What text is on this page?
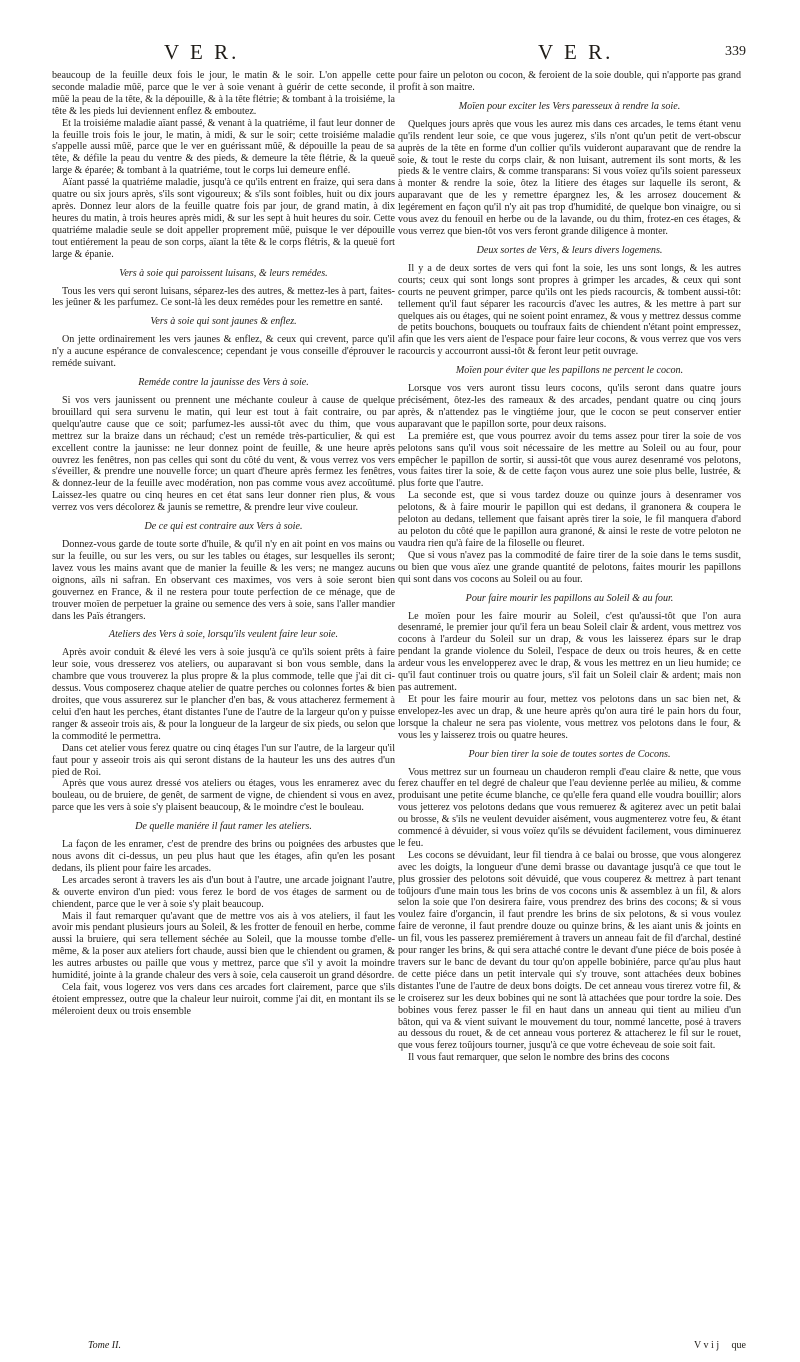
V E R.	V E R.	339

beaucoup de la feuille deux fois le jour, le matin & le soir. L'on appelle cette seconde maladie mûë, parce que le ver à soie venant à guérir de cette seconde, il mûë la peau de la tête, & la dépouille, & à la tête flétrie; & tombant à la troisiéme, la tête & les pieds lui deviennent enflez & emboutez.

Et la troisiéme maladie aïant passé, & venant à la quatriéme, il faut leur donner de la feuille trois fois le jour, le matin, à midi, & sur le soir; cette troisiéme maladie s'appelle aussi mûë, parce que le ver en guérissant mûë, & dépouille la peau de sa tête, & défile la peau du ventre & des pieds, & demeure la tête flétrie, & la queuë large & éparée; & tombant à la quatriéme, tout le corps lui demeure enflé.

Aïant passé la quatriéme maladie, jusqu'à ce qu'ils entrent en fraize, qui sera dans quatre ou six jours après, s'ils sont vigoureux; & s'ils sont foibles, huit ou dix jours après. Donnez leur alors de la feuille quatre fois par jour, de grand matin, à dix heures du matin, à trois heures après midi, & sur les sept à huit heures du soir. Cette quatriéme maladie seule se doit appeller proprement mûë, puisque le ver dépouille tout entiérement la peau de son corps, aïant la tête & le corps flétris, & la queuë fort large & épanie.

Vers à soie qui paroissent luisans, & leurs remédes.

Tous les vers qui seront luisans, séparez-les des autres, & mettez-les à part, faites-les jeûner & les parfumez. Ce sont-là les deux remédes pour les remettre en santé.

Vers à soie qui sont jaunes & enflez.

On jette ordinairement les vers jaunes & enflez, & ceux qui crevent, parce qu'il n'y a aucune espérance de convalescence; cependant je vous conseille d'éprouver le reméde suivant.

Reméde contre la jaunisse des Vers à soie.

Si vos vers jaunissent ou prennent une méchante couleur à cause de quelque brouillard qui sera survenu le matin, qui leur est tout à fait contraire, ou par quelqu'autre cause que ce soit; parfumez-les aussi-tôt avec du thim, que vous mettrez sur la braize dans un réchaud; c'est un reméde très-particulier, & qui est excellent contre la jaunisse: ne leur donnez point de feuille, & une heure après ouvrez les fenêtres, non pas celles qui sont du côté du vent, & vous verrez vos vers s'éveiller, & prendre une nouvelle force; un quart d'heure après fermez les fenêtres, & donnez-leur de la feuille avec modération, non pas comme vous avez accoûtumé. Laissez-les quatre ou cinq heures en cet état sans leur donner rien plus, & vous verrez vos vers décolorez & jaunis se remettre, & prendre leur vive couleur.

De ce qui est contraire aux Vers à soie.

Donnez-vous garde de toute sorte d'huile, & qu'il n'y en ait point en vos mains ou sur la feuille, ou sur les vers, ou sur les tables ou étages, sur lesquelles ils seront; lavez vous les mains avant que de manier la feuille & les vers; ne mangez aucuns oignons, aïls ni safran. En observant ces maximes, vos vers à soie seront bien gouvernez en France, & il ne restera pour toute perfection de ce ménage, que de trouver moïen de perpetuer la graine ou semence des vers à soie, sans l'aller mandier dans les Païs étrangers.

Ateliers des Vers à soie, lorsqu'ils veulent faire leur soie.

Après avoir conduit & élevé les vers à soie jusqu'à ce qu'ils soient prêts à faire leur soie, vous dresserez vos ateliers, ou auparavant si bon vous semble, dans la chambre que vous trouverez la plus propre & la plus commode, telle que j'ai dit ci-dessus. Vous composerez chaque atelier de quatre perches ou colonnes fortes & bien droites, que vous assurerez sur le plancher d'en bas, & vous attacherez fermement à celui d'en haut les perches, étant distantes l'une de l'autre de la largeur qu'on y puisse ranger & asseoir trois ais, & pour la longueur de la largeur de six pieds, ou selon que la commodité le permettra.

Dans cet atelier vous ferez quatre ou cinq étages l'un sur l'autre, de la largeur qu'il faut pour y asseoir trois ais qui seront distans de la hauteur les uns des autres d'un pied de Roi.

Après que vous aurez dressé vos ateliers ou étages, vous les enramerez avec du bouleau, ou de bruiere, de genêt, de sarment de vigne, de chiendent si vous en avez, parce que les vers à soie s'y plaisent beaucoup, & le moindre c'est le bouleau.

De quelle maniére il faut ramer les ateliers.

La façon de les enramer, c'est de prendre des brins ou poignées des arbustes que nous avons dit ci-dessus, un peu plus haut que les étages, afin qu'en les posant dedans, ils plient pour faire les arcades.

Les arcades seront à travers les ais d'un bout à l'autre, une arcade joignant l'autre, & ouverte environ d'un pied: vous ferez le bord de vos étages de sarment ou de chiendent, parce que le ver à soie s'y plait beaucoup.

Mais il faut remarquer qu'avant que de mettre vos ais à vos ateliers, il faut les avoir mis pendant plusieurs jours au Soleil, & les frotter de fenouil en herbe, comme aussi la bruiere, qui sera tellement séchée au Soleil, que la mousse tombe d'elle-même, & la poser aux ateliers fort chaude, aussi bien que le chiendent ou gramen, & les autres arbustes ou paille que vous y mettrez, parce que s'il y avoit la moindre humidité, jointe à la grande chaleur des vers à soie, cela causeroit un grand désordre.

Cela fait, vous logerez vos vers dans ces arcades fort clairement, parce que s'ils étoient empressez, outre que la chaleur leur nuiroit, comme j'ai dit, en montant ils se méleroient deux ou trois ensemble

pour faire un peloton ou cocon, & feroient de la soie double, qui n'apporte pas grand profit à son maitre.

Moïen pour exciter les Vers paresseux à rendre la soie.

Quelques jours après que vous les aurez mis dans ces arcades, le tems étant venu qu'ils rendent leur soie, ce que vous jugerez, s'ils n'ont qu'un petit de vert-obscur auprès de la tête en forme d'un collier qu'ils vuideront auparavant que de rendre la soie, & tout le reste du corps clair, & non luisant, autrement ils sont morts, & les pieds & le ventre clairs, & comme transparans: Si vous voïez qu'ils soient paresseux à monter & rendre la soie, ôtez la litiere des étages sur laquelle ils seront, & auparavant que de les y remettre épargnez les, & les arrosez doucement & legérement en façon qu'il n'y ait pas trop d'humidité, de quelque bon vinaigre, ou si vous avez du fenouil en herbe ou de la lavande, ou du thim, frotez-en ces étages, & vous verrez que bien-tôt vos vers feront grande diligence à monter.

Deux sortes de Vers, & leurs divers logemens.

Il y a de deux sortes de vers qui font la soie, les uns sont longs, & les autres courts; ceux qui sont longs sont propres à grimper les arcades, & ceux qui sont courts ne peuvent grimper, parce qu'ils ont les pieds racourcis, & tombent aussi-tôt: tellement qu'il faut séparer les racourcis d'avec les autres, & les mettre à part sur quelques ais ou étages, qui ne soient point enramez, & vous y mettrez dessus comme de petits bouchons, bouquets ou toufraux faits de chiendent n'étant point empressez, afin que les vers aient de l'espace pour faire leur cocons, & vous verrez que vos vers racourcis y accourront aussi-tôt & feront leur petit ouvrage.

Moïen pour éviter que les papillons ne percent le cocon.

Lorsque vos vers auront tissu leurs cocons, qu'ils seront dans quatre jours précisément, ôtez-les des rameaux & des arcades, pendant quatre ou cinq jours après, & n'attendez pas le vingtiéme jour, que le cocon se peut conserver entier auparavant que le papillon sorte, pour deux raisons.

La premiére est, que vous pourrez avoir du tems assez pour tirer la soie de vos pelotons sans qu'il vous soit nécessaire de les mettre au Soleil ou au four, pour empêcher le papillon de sortir, si aussi-tôt que vous aurez desenramé vos pelotons, vous faites tirer la soie, & de cette façon vous aurez une soie plus belle, lustrée, & plus forte que l'autre.

La seconde est, que si vous tardez douze ou quinze jours à desenramer vos pelotons, & à faire mourir le papillon qui est dedans, il granonera & coupera le peloton au dedans, tellement que faisant après tirer la soie, le fil manquera d'abord au peloton du côté que le papillon aura granoné, & ainsi le reste de votre peloton ne vaudra rien qu'à faire de la filoselle ou fleuret.

Que si vous n'avez pas la commodité de faire tirer de la soie dans le tems susdit, ou bien que vous aïez une grande quantité de pelotons, faites mourir les papillons qui sont dans vos cocons au Soleil ou au four.

Pour faire mourir les papillons au Soleil & au four.

Le moïen pour les faire mourir au Soleil, c'est qu'aussi-tôt que l'on aura desenramé, le premier jour qu'il fera un beau Soleil clair & ardent, vous mettrez vos cocons à l'ardeur du Soleil sur un drap, & vous les laisserez épars sur le drap pendant la grande violence du Soleil, l'espace de deux ou trois heures, & en cette ardeur vous les envelopperez avec le drap, & vous les mettrez en un lieu humide; ce qu'il faut continuer trois ou quatre jours, s'il fait un Soleil clair & ardent; mais non pas autrement.

Et pour les faire mourir au four, mettez vos pelotons dans un sac bien net, & envelopez-les avec un drap, & une heure après qu'on aura tiré le pain hors du four, lorsque la chaleur ne sera pas violente, vous mettrez vos pelotons dans le four, & vous les y laisserez trois ou quatre heures.

Pour bien tirer la soie de toutes sortes de Cocons.

Vous mettrez sur un fourneau un chauderon rempli d'eau claire & nette, que vous ferez chauffer en tel degré de chaleur que l'eau devienne perlée au milieu, & comme produisant une petite écume blanche, ce qu'elle fera quand elle voudra bouillir; alors vous jetterez vos pelotons dedans que vous remuerez & agiterez avec un petit balai ou brosse, & s'ils ne veulent devuider aisément, vous augmenterez votre feu, & étant commencé à dévuider, si vous voïez qu'ils se dévuident facilement, vous diminuerez le feu.

Les cocons se dévuidant, leur fil tiendra à ce balai ou brosse, que vous alongerez avec les doigts, la longueur d'une demi brasse ou davantage jusqu'à ce que tout le plus grossier des pelotons soit dévuidé, que vous couperez & mettrez à part tenant toûjours d'une main tous les brins de vos cocons unis & assemblez à un fil, & alors selon la soie que l'on desirera faire, vous prendrez des brins des cocons; & si vous voulez faire d'organcin, il faut prendre les brins de six pelotons, & si vous voulez faire de veronne, il faut prendre douze ou quinze brins, & les aiant unis & joints en un fil, vous les passerez premiérement à travers un anneau fait de fil d'archal, destiné pour ranger les brins, & qui sera attaché contre le devant d'une piéce de bois posée à travers sur le banc de devant du tour qu'on appelle bobiniére, parce qu'au plus haut de cette piéce dans un petit intervale qui s'y trouve, sont attachées deux bobines distantes l'une de l'autre de deux bons doigts. De cet anneau vous tirerez votre fil, & le croiserez sur les deux bobines qui ne sont là attachées que pour tordre la soie. Des bobines vous ferez passer le fil en haut dans un anneau qui tient au milieu d'un bâton, qui va & vient suivant le mouvement du tour, nommé lancette, posé à travers au dessous du rouet, & de cet anneau vous porterez & attacherez le fil sur le rouet, que vous ferez toûjours tourner, jusqu'à ce que votre écheveau de soie soit fait.

Il vous faut remarquer, que selon le nombre des brins des cocons

Tome II.	V v i j que
